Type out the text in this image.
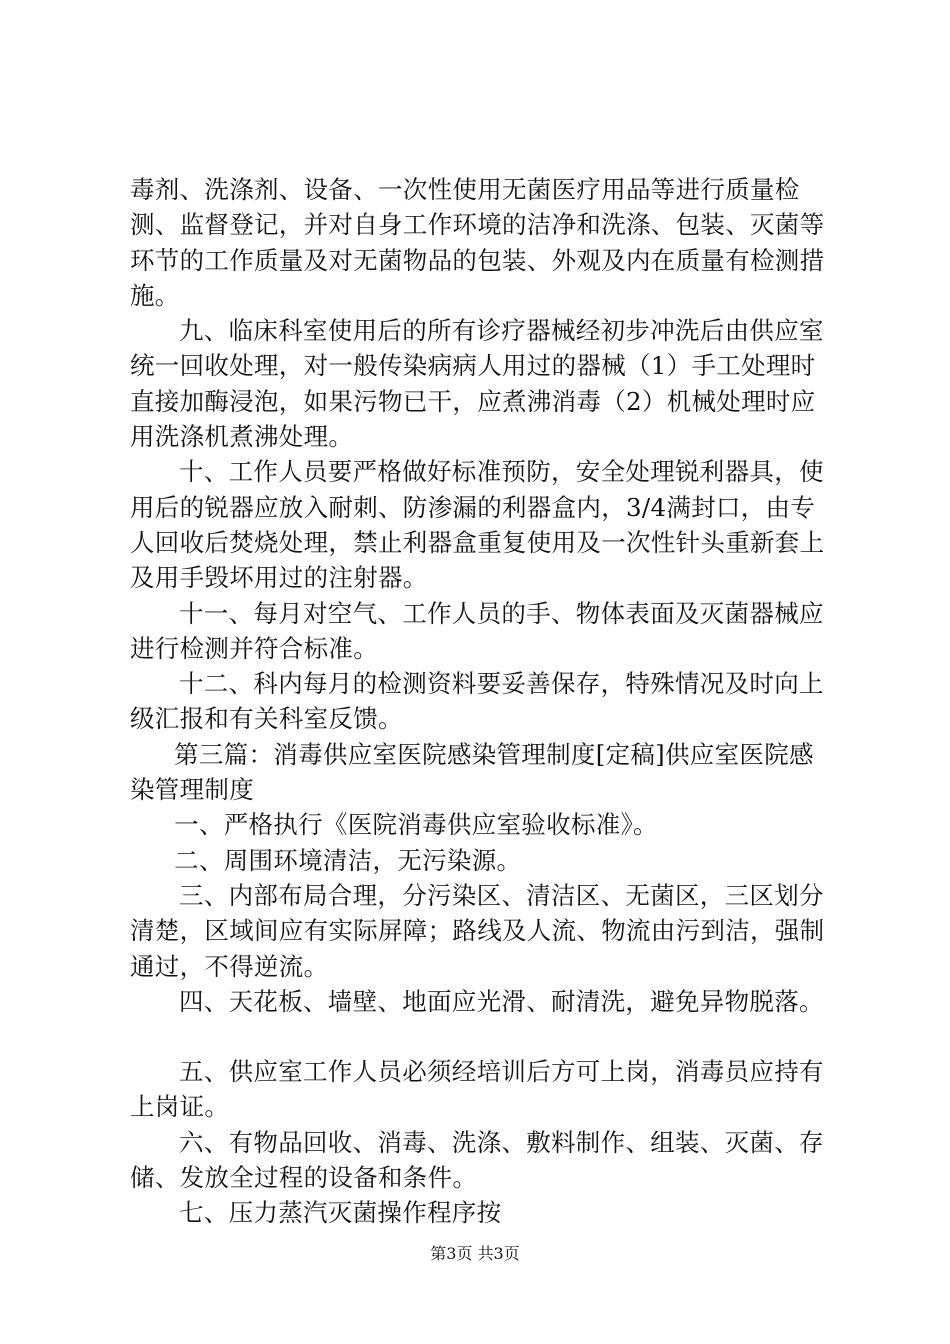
毒剂、洗涤剂、设备、一次性使用无菌医疗用品等进行质量检测、监督登记，并对自身工作环境的洁净和洗涤、包装、灭菌等环节的工作质量及对无菌物品的包装、外观及内在质量有检测措施。

九、临床科室使用后的所有诊疗器械经初步冲洗后由供应室统一回收处理，对一般传染病病人用过的器械（1）手工处理时直接加酶浸泡，如果污物已干，应煮沸消毒（2）机械处理时应用洗涤机煮沸处理。

十、工作人员要严格做好标准预防，安全处理锐利器具，使用后的锐器应放入耐刺、防渗漏的利器盒内，3/4满封口，由专人回收后焚烧处理，禁止利器盒重复使用及一次性针头重新套上及用手毁坏用过的注射器。

十一、每月对空气、工作人员的手、物体表面及灭菌器械应进行检测并符合标准。

十二、科内每月的检测资料要妥善保存，特殊情况及时向上级汇报和有关科室反馈。

第三篇：消毒供应室医院感染管理制度[定稿]供应室医院感染管理制度

一、严格执行《医院消毒供应室验收标准》。

二、周围环境清洁，无污染源。

三、内部布局合理，分污染区、清洁区、无菌区，三区划分清楚，区域间应有实际屏障；路线及人流、物流由污到洁，强制通过，不得逆流。

四、天花板、墙壁、地面应光滑、耐清洗，避免异物脱落。

五、供应室工作人员必须经培训后方可上岗，消毒员应持有上岗证。

六、有物品回收、消毒、洗涤、敷料制作、组装、灭菌、存储、发放全过程的设备和条件。

七、压力蒸汽灭菌操作程序按

第3页 共3页
